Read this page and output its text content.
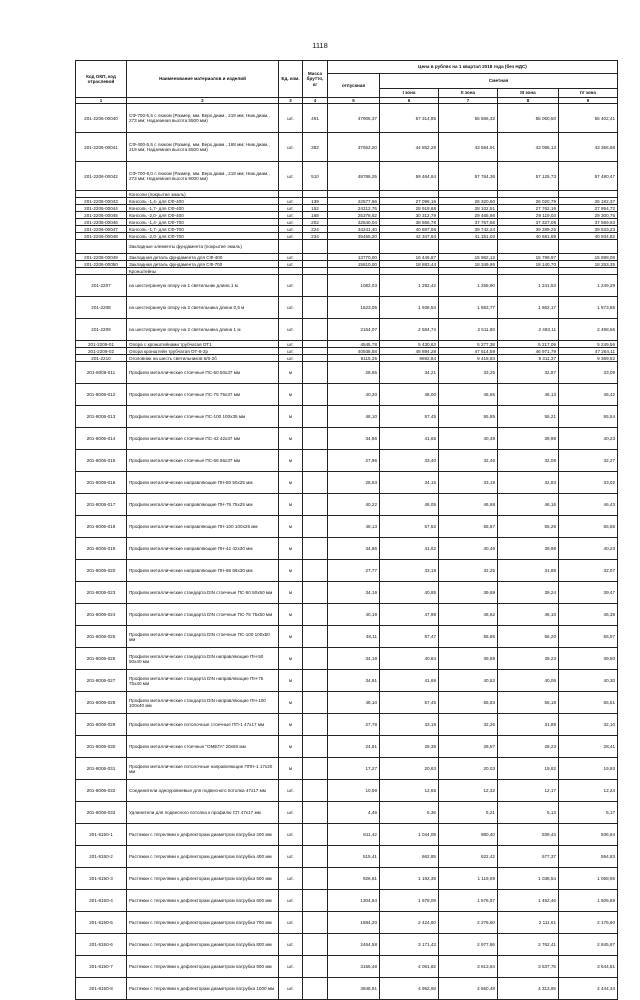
1118
Код ОКП, код отраслевой	Наименование материалов и изделий	Ед. изм.	Масса брутто, кг	Цена в рублях на 1 квартал 2018 года (без НДС)				
				отпускная	Сметная			
					I зона	II зона	III зона	IV зона
1	2	3	4	5	6	7	8	9
201-2206-00040	СФ-700-5,5 с люком (Размер, мм. Верх.диам., 219 мм; Ниж.диам., 273 мм; Надземная высота 5500 мм)	шт.	491	47906,37	57 314,85	55 666,32	55 060,50	55 402,41
201-2206-00041	СФ-400-5,5 с люком (Размер, мм. Верх.диам., 168 мм; Ниж.диам., 219 мм; Надземная высота 5500 мм)	шт.	382	37552,20	44 852,29	43 584,91	43 086,13	43 356,68
201-2206-00042	СФ-700-9,0 с люком (Размер, мм. Верх.диам., 219 мм; Ниж.диам., 273 мм; Надземная высота 9000 мм)	шт.	510	48786,25	59 464,64	57 764,36	57 125,73	57 480,47
	Консоли (покрытие эмаль)							
201-2206-00043	Консоль -1,4- для СФ-400	шт.	139	22577,66	27 096,16	26 320,60	26 020,79	26 182,37
201-2206-00044	Консоль -1,7- для СФ-400	шт.	152	24212,76	28 919,68	28 102,51	27 762,19	27 954,72
201-2206-00045	Консоль -2,0- для СФ-400	шт.	168	25378,62	30 312,79	29 465,86	29 119,03	29 300,75
201-2206-00046	Консоль -1,4- для СФ-700	шт.	202	32540,04	38 866,78	37 767,56	37 327,08	37 569,93
201-2206-00047	Консоль -1,7- для СФ-700	шт.	224	34241,40	40 897,88	39 742,24	39 289,25	39 533,23
201-2206-00048	Консоль -2,0- для СФ-700	шт.	234	35455,20	42 347,64	41 151,03	40 681,69	40 934,82
	Закладные элементы фундамента (покрытие эмаль)							
201-2206-00049	Закладная деталь фундамента для СФ-400	шт.		13770,00	16 446,87	15 982,12	15 799,97	15 898,08
201-2206-00050	Закладная деталь фундамента для СФ-700	шт.		15810,00	18 883,44	18 349,86	18 140,70	18 253,35
	Кронштейны							
201-2207	на шестигранную опору на 1 светильник длина 1 м	шт.		1082,03	1 292,42	1 255,90	1 241,53	1 249,29
201-2208	на шестигранную опору на 2 светильника длина 0,5 м	шт.		1623,05	1 938,54	1 883,77	1 862,17	1 873,85
201-2209	на шестигранную опору на 2 светильника длина 1 м	шт.		2164,07	2 584,74	2 511,80	2 483,11	2 498,56
201-2209-01	Опора с кронштейнами трубчатая ОТ1	шт.		4545,78	5 430,63	5 277,38	5 217,09	5 249,56
201-2209-02	Опора кронштейн трубчатая ОТ-8-2р	шт.		40938,58	48 894,28	47 514,59	46 971,79	47 264,11
201-2210	Оголовник на шесть светильников 6/6-2б	шт.		8115,25	9692,84	9 418,93	9 311,37	9 369,52
201-8006-011	Профили металлические стоечные ПС-50 50х37 мм	м		28,65	34,21	33,25	32,87	33,09
201-8006-012	Профили металлические стоечные ПС-75 75х37 мм	м		40,20	48,00	46,65	46,13	46,42
201-8006-013	Профили металлические стоечные ПС-100 100х35 мм	м		48,10	57,45	55,85	55,21	55,54
201-8006-014	Профили металлические стоечные ПС-42 42х37 мм	м		34,86	41,65	40,48	39,98	40,23
201-8006-015	Профили металлические стоечные ПС-66 66х37 мм	м		27,96	33,40	32,46	32,08	32,27
201-8006-016	Профили металлические направляющие ПН-50 50х25 мм	м		28,63	34,15	33,19	32,83	33,02
201-8006-017	Профили металлические направляющие ПН-75 75х25 мм	м		40,22	48,05	46,68	46,16	46,43
201-8006-018	Профили металлические направляющие ПН-100 100х25 мм	м		48,13	57,52	55,87	55,26	55,58
201-8006-019	Профили металлические направляющие ПН-42 42х30 мм	м		34,86	41,62	40,46	39,98	40,23
201-8006-020	Профили металлические направляющие ПН-66 66х30 мм	м		27,77	33,19	32,25	31,88	32,07
201-8006-023	Профили металлические стандарта DIN стоечные ПС-50 50х50 мм	м		34,19	40,85	39,69	39,24	39,47
201-8006-024	Профили металлические стандарта DIN стоечные ПС-75 75х50 мм	м		40,19	47,98	46,62	46,10	46,38
201-8006-025	Профили металлические стандарта DIN стоечные ПС-100 100х50 мм	м		48,11	57,47	55,86	55,20	55,57
201-8006-026	Профили металлические стандарта DIN направляющие ПН-50 50х40 мм	м		34,19	40,84	39,69	39,23	39,50
201-8006-027	Профили металлические стандарта DIN направляющие ПН-75 75х40 мм	м		34,91	41,69	40,52	40,06	40,30
201-8006-028	Профили металлические стандарта DIN направляющие ПН-100 100х40 мм	м		48,10	57,45	55,83	55,18	55,51
201-8006-029	Профили металлические потолочные стоечные ПП-1 47х17 мм	м		27,78	33,19	32,26	31,89	32,10
201-8006-030	Профили металлические стоечные "ОМЕГА" 20х60 мм	м		24,61	29,38	28,57	28,23	28,41
201-8006-031	Профили металлические потолочные направляющие ППН-1 17х20 мм	м		17,27	20,63	20,03	19,82	19,93
201-8006-032	Соединители одноуровневые для подвесного потолка 47х17 мм	шт.		10,59	12,65	12,32	12,17	12,24
201-8006-033	Удлинители для подвесного потолка к профилю СП 47х17 мм	шт.		4,49	5,36	5,21	5,13	5,17
201-8150-1	Растяжки с тягрелями к дефлекторам диаметром патрубка 200 мм	шт.		811,42	1 044,09	980,40	939,44	936,94
201-8150-2	Растяжки с тягрелями к дефлекторам диаметром патрубка 400 мм	шт.		515,41	662,85	622,42	577,37	594,83
201-8150-3	Растяжки с тягрелями к дефлекторам диаметром патрубка 500 мм	шт.		926,61	1 192,39	1 119,59	1 038,54	1 069,96
201-8150-4	Растяжки с тягрелями к дефлекторам диаметром патрубка 600 мм	шт.		1304,84	1 678,09	1 576,57	1 452,46	1 505,69
201-8150-5	Растяжки с тягрелями к дефлекторам диаметром патрубка 700 мм	шт.		1884,20	2 424,60	2 276,60	2 111,61	2 175,60
201-8150-6	Растяжки с тягрелями к дефлекторам диаметром патрубка 800 мм	шт.		2464,58	3 171,43	2 977,86	2 762,41	2 845,97
201-8150-7	Растяжки с тягрелями к дефлекторам диаметром патрубка 900 мм	шт.		3156,48	4 061,82	3 813,84	3 537,76	3 644,81
201-8150-8	Растяжки с тягрелями к дефлекторам диаметром патрубка 1000 мм	шт.		3848,91	4 952,68	4 650,48	4 313,85	4 444,34
